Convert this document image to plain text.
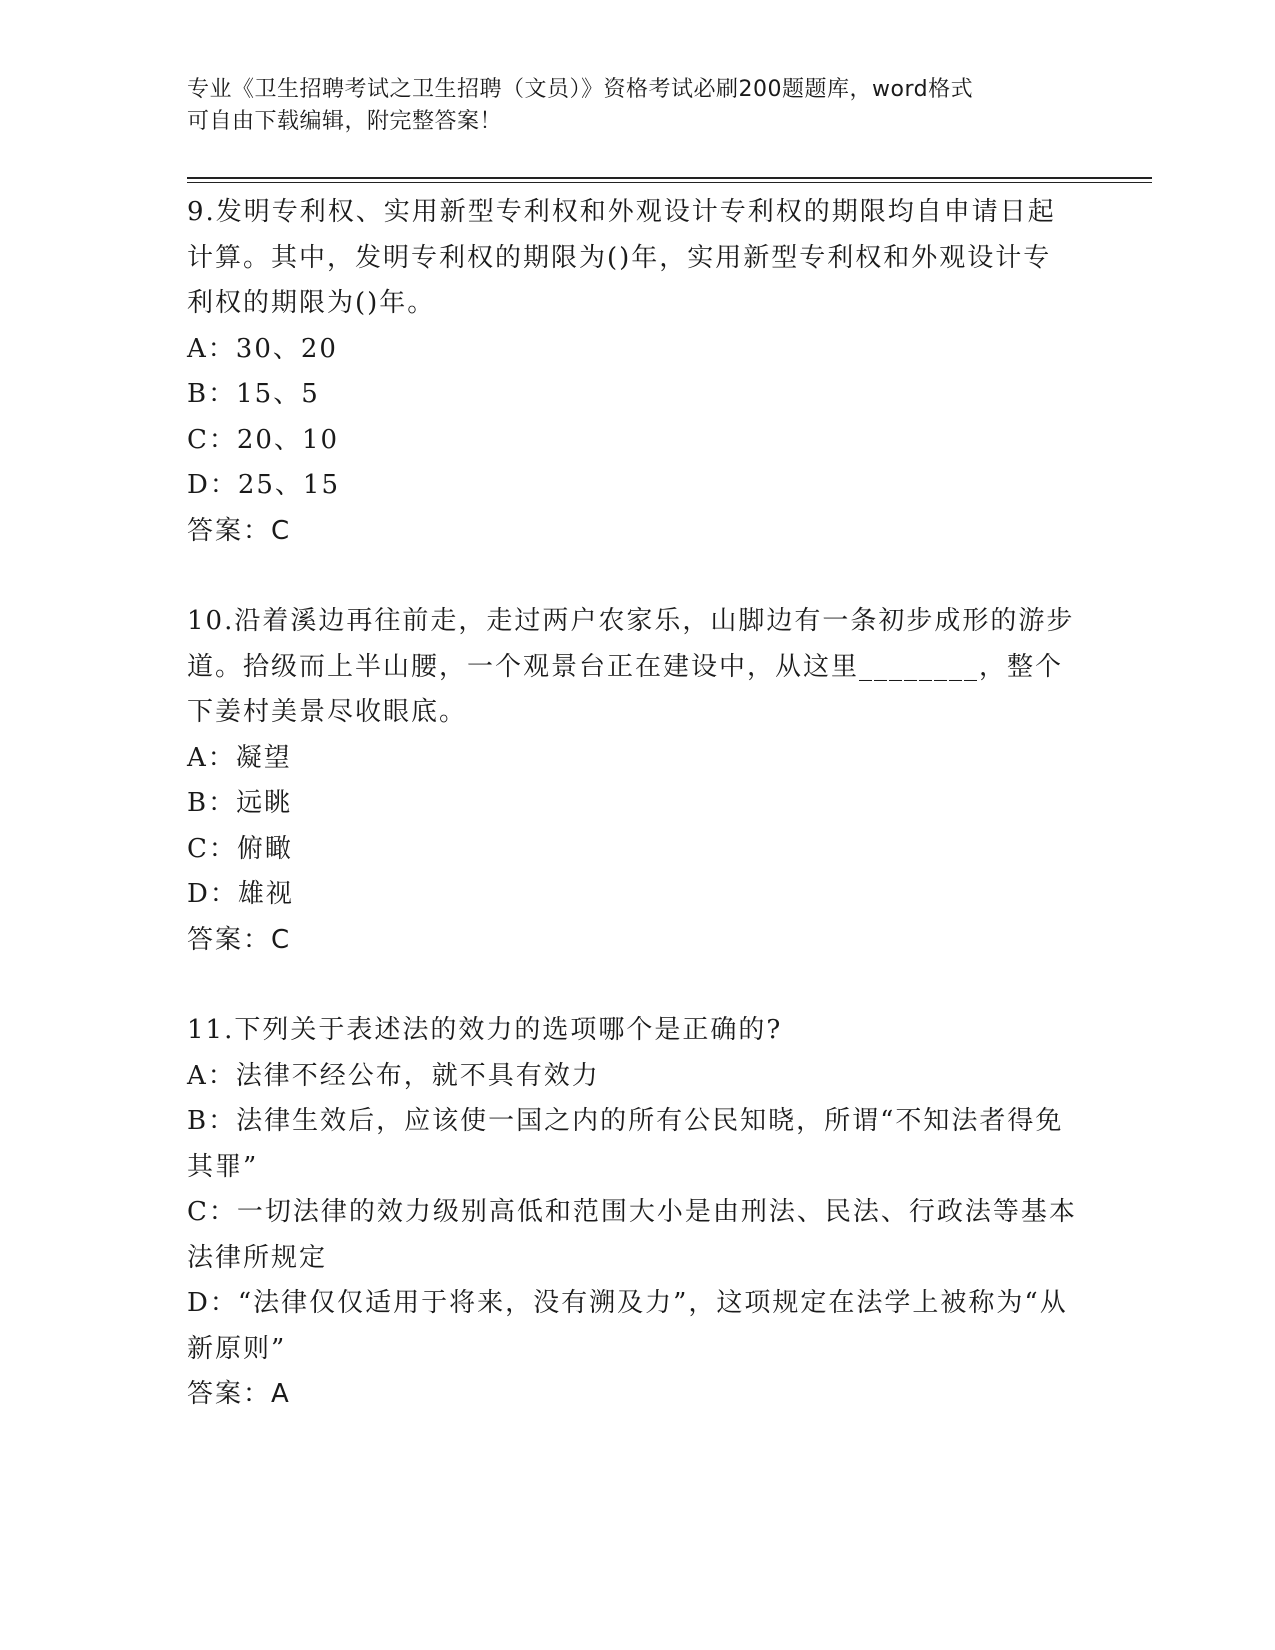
专业《卫生招聘考试之卫生招聘（文员）》资格考试必刷200题题库，word格式
可自由下载编辑，附完整答案！

9.发明专利权、实用新型专利权和外观设计专利权的期限均自申请日起计算。其中，发明专利权的期限为()年，实用新型专利权和外观设计专利权的期限为()年。

A：30、20

B：15、5

C：20、10

D：25、15

答案：C

10.沿着溪边再往前走，走过两户农家乐，山脚边有一条初步成形的游步道。拾级而上半山腰，一个观景台正在建设中，从这里________，整个下姜村美景尽收眼底。

A：凝望

B：远眺

C：俯瞰

D：雄视

答案：C

11.下列关于表述法的效力的选项哪个是正确的?

A：法律不经公布，就不具有效力

B：法律生效后，应该使一国之内的所有公民知晓，所谓“不知法者得免其罪”

C：一切法律的效力级别高低和范围大小是由刑法、民法、行政法等基本法律所规定

D：“法律仅仅适用于将来，没有溯及力”，这项规定在法学上被称为“从新原则”

答案：A
